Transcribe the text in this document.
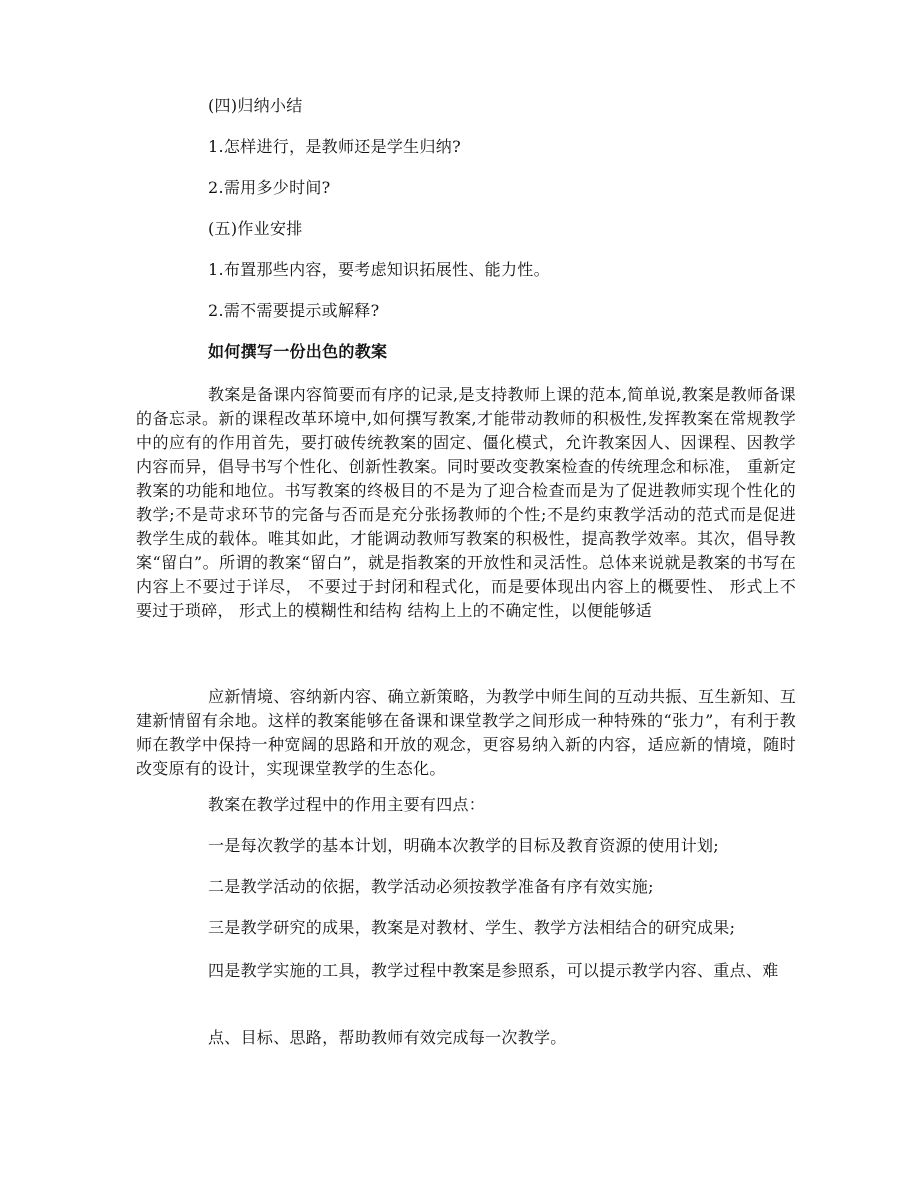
(四)归纳小结
1.怎样进行，是教师还是学生归纳?
2.需用多少时间?
(五)作业安排
1.布置那些内容，要考虑知识拓展性、能力性。
2.需不需要提示或解释?
如何撰写一份出色的教案

教案是备课内容简要而有序的记录,是支持教师上课的范本,简单说,教案是教师备课的备忘录。新的课程改革环境中,如何撰写教案,才能带动教师的积极性,发挥教案在常规教学中的应有的作用首先，要打破传统教案的固定、僵化模式，允许教案因人、因课程、因教学内容而异，倡导书写个性化、创新性教案。同时要改变教案检查的传统理念和标准， 重新定教案的功能和地位。书写教案的终极目的不是为了迎合检查而是为了促进教师实现个性化的教学;不是苛求环节的完备与否而是充分张扬教师的个性;不是约束教学活动的范式而是促进教学生成的载体。唯其如此，才能调动教师写教案的积极性，提高教学效率。其次，倡导教案“留白”。所谓的教案“留白”，就是指教案的开放性和灵活性。总体来说就是教案的书写在内容上不要过于详尽， 不要过于封闭和程式化，而是要体现出内容上的概要性、 形式上不要过于琐碎， 形式上的模糊性和结构 结构上上的不确定性，以便能够适

应新情境、容纳新内容、确立新策略，为教学中师生间的互动共振、互生新知、互建新情留有余地。这样的教案能够在备课和课堂教学之间形成一种特殊的“张力”，有利于教师在教学中保持一种宽阔的思路和开放的观念，更容易纳入新的内容，适应新的情境，随时改变原有的设计，实现课堂教学的生态化。

教案在教学过程中的作用主要有四点：
一是每次教学的基本计划，明确本次教学的目标及教育资源的使用计划;
二是教学活动的依据，教学活动必须按教学准备有序有效实施;
三是教学研究的成果，教案是对教材、学生、教学方法相结合的研究成果;

四是教学实施的工具，教学过程中教案是参照系，可以提示教学内容、重点、难

点、目标、思路，帮助教师有效完成每一次教学。
